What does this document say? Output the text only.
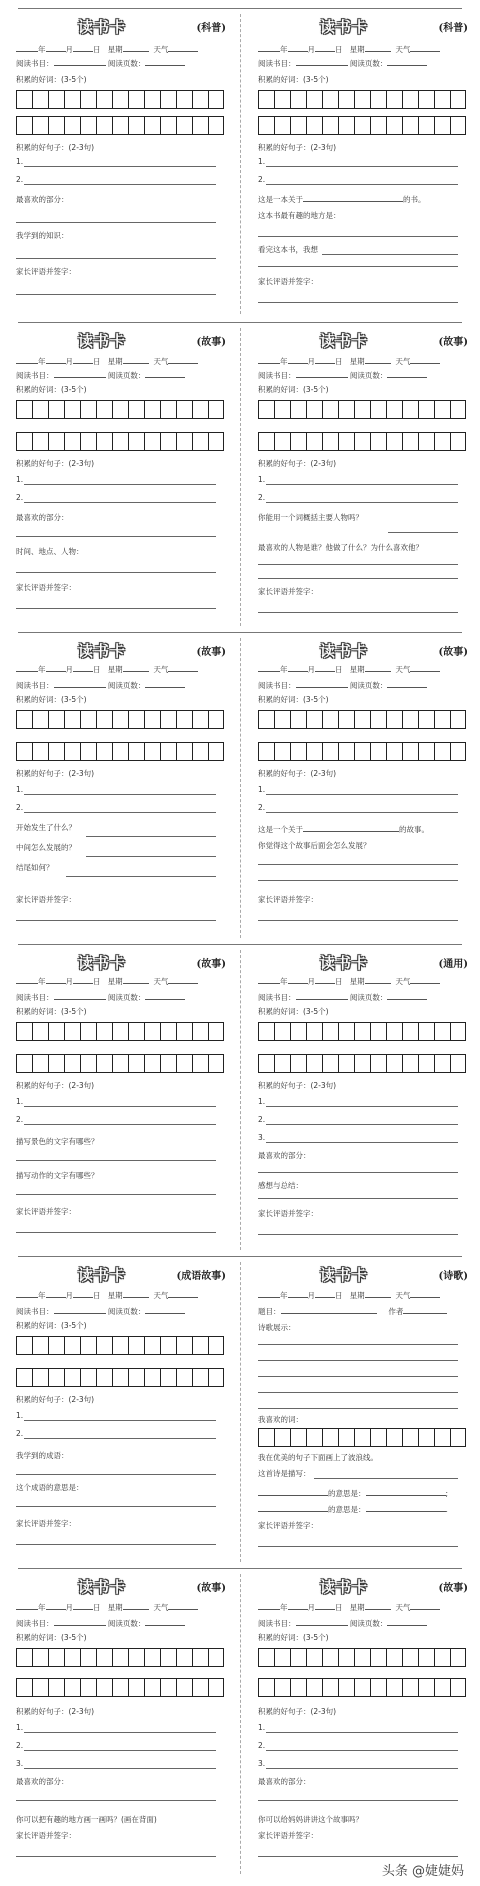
读书卡	(科普)
年	月	日 星期	天气
阅读书目：	阅读页数：
积累的好词：(3-5个)
积累的好句子：(2-3句)
1.
2.
最喜欢的部分：
我学到的知识：
家长评语并签字：
读书卡	(科普)
年	月	日 星期	天气
阅读书目：	阅读页数：
积累的好词：(3-5个)
积累的好句子：(2-3句)
1.
2.
这是一本关于	的书。
这本书最有趣的地方是：
看完这本书，我想
家长评语并签字：
读书卡	(故事)
年	月	日 星期	天气
阅读书目：	阅读页数：
积累的好词：(3-5个)
积累的好句子：(2-3句)
1.
2.
最喜欢的部分：
时间、地点、人物：
家长评语并签字：
读书卡	(故事)
年	月	日 星期	天气
阅读书目：	阅读页数：
积累的好词：(3-5个)
积累的好句子：(2-3句)
1.
2.
你能用一个词概括主要人物吗？
最喜欢的人物是谁？他做了什么？为什么喜欢他？
家长评语并签字：
读书卡	(故事)
年	月	日 星期	天气
阅读书目：	阅读页数：
积累的好词：(3-5个)
积累的好句子：(2-3句)
1.
2.
开始发生了什么？
中间怎么发展的？
结尾如何？
家长评语并签字：
读书卡	(故事)
年	月	日 星期	天气
阅读书目：	阅读页数：
积累的好词：(3-5个)
积累的好句子：(2-3句)
1.
2.
这是一个关于	的故事。
你觉得这个故事后面会怎么发展？
家长评语并签字：
读书卡	(故事)
年	月	日 星期	天气
阅读书目：	阅读页数：
积累的好词：(3-5个)
积累的好句子：(2-3句)
1.
2.
描写景色的文字有哪些？
描写动作的文字有哪些？
家长评语并签字：
读书卡	(通用)
年	月	日 星期	天气
阅读书目：	阅读页数：
积累的好词：(3-5个)
积累的好句子：(2-3句)
1.
2.
3.
最喜欢的部分：
感想与总结：
家长评语并签字：
读书卡	(成语故事)
年	月	日 星期	天气
阅读书目：	阅读页数：
积累的好词：(3-5个)
积累的好句子：(2-3句)
1.
2.
我学到的成语：
这个成语的意思是：
家长评语并签字：
读书卡	(诗歌)
年	月	日 星期	天气
题目：	作者
诗歌展示：
我喜欢的词：
我在优美的句子下面画上了波浪线。
这首诗是描写：
的意思是：	;
的意思是：	.
家长评语并签字：
读书卡	(故事)
年	月	日 星期	天气
阅读书目：	阅读页数：
积累的好词：(3-5个)
积累的好句子：(2-3句)
1.
2.
3.
最喜欢的部分：
你可以把有趣的地方画一画吗？(画在背面)
家长评语并签字：
读书卡	(故事)
年	月	日 星期	天气
阅读书目：	阅读页数：
积累的好词：(3-5个)
积累的好句子：(2-3句)
1.
2.
3.
最喜欢的部分：
你可以给妈妈讲讲这个故事吗？
家长评语并签字：
头条 @婕婕妈
